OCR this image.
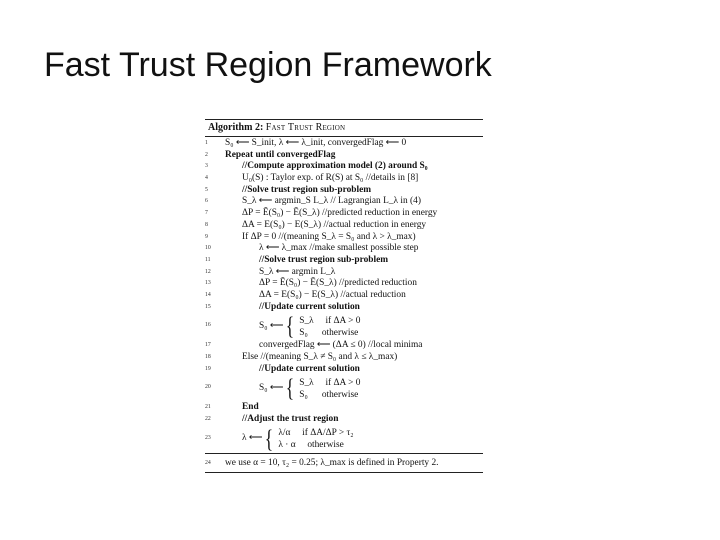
Fast Trust Region Framework
Algorithm 2: Fast Trust Region
1	S₀ ⟵ S_init, λ ⟵ λ_init, convergedFlag ⟵ 0
2	Repeat until convergedFlag
3	//Compute approximation model (2) around S₀
4	U₀(S) : Taylor exp. of R(S) at S₀ //details in [8]
5	//Solve trust region sub-problem
6	S_λ ⟵ argmin_S L_λ // Lagrangian L_λ in (4)
7	ΔP = Ẽ(S₀) − Ẽ(S_λ) //predicted reduction in energy
8	ΔA = E(S₀) − E(S_λ) //actual reduction in energy
9	If ΔP = 0 //(meaning S_λ = S₀ and λ > λ_max)
10	λ ⟵ λ_max //make smallest possible step
11	//Solve trust region sub-problem
12	S_λ ⟵ argmin L_λ
13	ΔP = Ẽ(S₀) − Ẽ(S_λ) //predicted reduction
14	ΔA = E(S₀) − E(S_λ) //actual reduction
15	//Update current solution
16	S₀ ⟵ { S_λ     if ΔA > 0
S₀      otherwise
17	convergedFlag ⟵ (ΔA ≤ 0) //local minima
18	Else //(meaning S_λ ≠ S₀ and λ ≤ λ_max)
19	//Update current solution
20	S₀ ⟵ { S_λ     if ΔA > 0
S₀      otherwise
21	End
22	//Adjust the trust region
23	λ ⟵ { λ/α     if ΔA/ΔP > τ₂
λ · α     otherwise
24 we use α = 10, τ₂ = 0.25; λ_max is defined in Property 2.
